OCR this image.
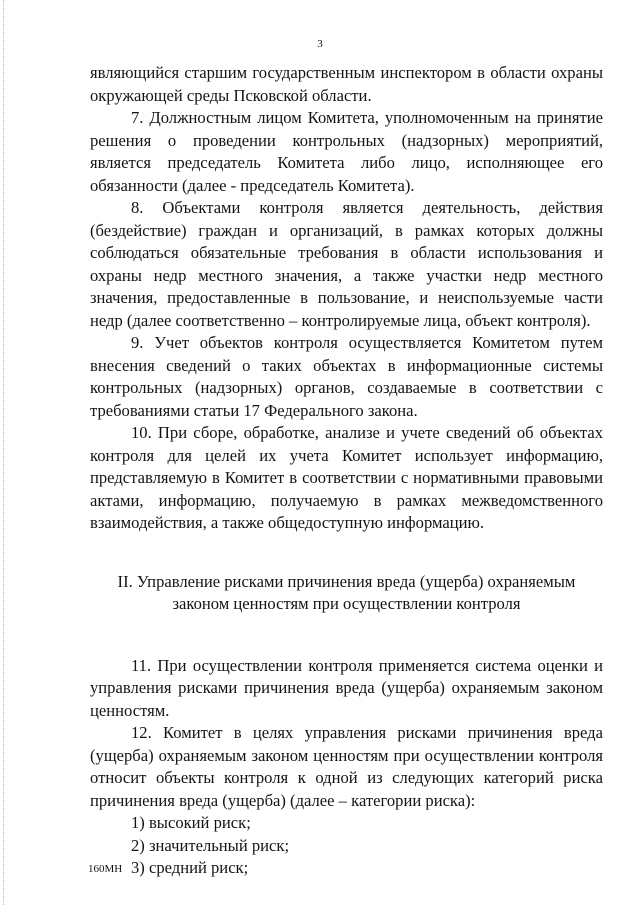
3

являющийся старшим государственным инспектором в области охраны окружающей среды Псковской области.

7. Должностным лицом Комитета, уполномоченным на принятие решения о проведении контрольных (надзорных) мероприятий, является председатель Комитета либо лицо, исполняющее его обязанности (далее - председатель Комитета).

8. Объектами контроля является деятельность, действия (бездействие) граждан и организаций, в рамках которых должны соблюдаться обязательные требования в области использования и охраны недр местного значения, а также участки недр местного значения, предоставленные в пользование, и неиспользуемые части недр (далее соответственно – контролируемые лица, объект контроля).

9. Учет объектов контроля осуществляется Комитетом путем внесения сведений о таких объектах в информационные системы контрольных (надзорных) органов, создаваемые в соответствии с требованиями статьи 17 Федерального закона.

10. При сборе, обработке, анализе и учете сведений об объектах контроля для целей их учета Комитет использует информацию, представляемую в Комитет в соответствии с нормативными правовыми актами, информацию, получаемую в рамках межведомственного взаимодействия, а также общедоступную информацию.

II. Управление рисками причинения вреда (ущерба) охраняемым законом ценностям при осуществлении контроля

11. При осуществлении контроля применяется система оценки и управления рисками причинения вреда (ущерба) охраняемым законом ценностям.

12. Комитет в целях управления рисками причинения вреда (ущерба) охраняемым законом ценностям при осуществлении контроля относит объекты контроля к одной из следующих категорий риска причинения вреда (ущерба) (далее – категории риска):

1) высокий риск;

2) значительный риск;

3) средний риск;

160МН
